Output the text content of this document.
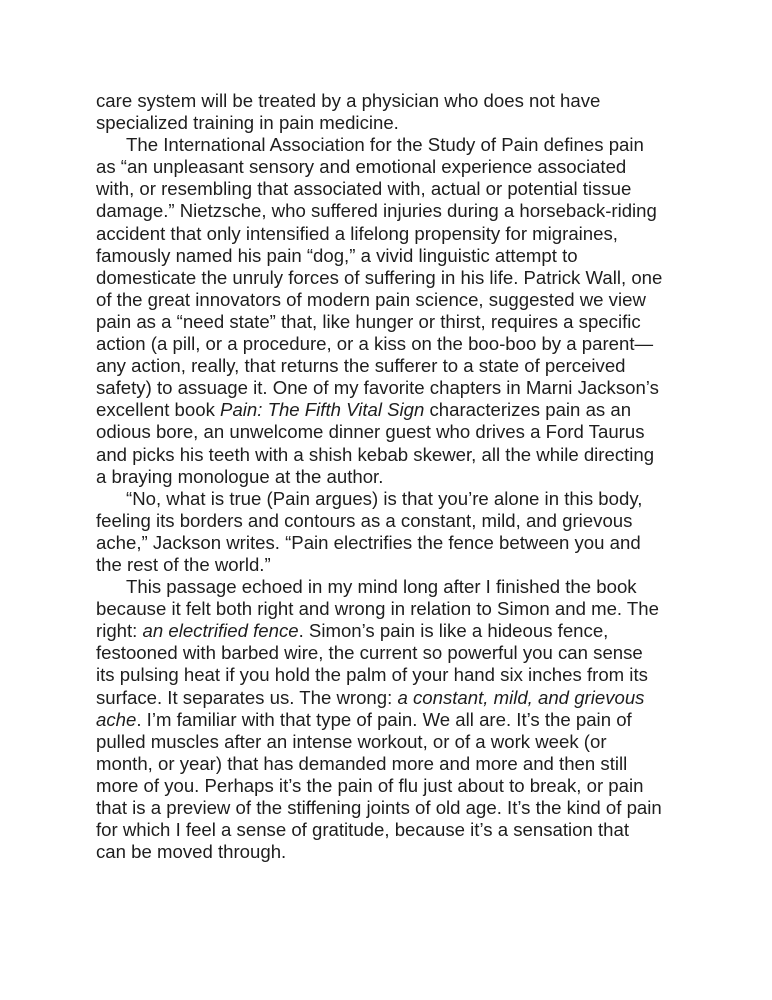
care system will be treated by a physician who does not have
specialized training in pain medicine.
The International Association for the Study of Pain defines pain
as “an unpleasant sensory and emotional experience associated
with, or resembling that associated with, actual or potential tissue
damage.” Nietzsche, who suffered injuries during a horseback-riding
accident that only intensified a lifelong propensity for migraines,
famously named his pain “dog,” a vivid linguistic attempt to
domesticate the unruly forces of suffering in his life. Patrick Wall, one
of the great innovators of modern pain science, suggested we view
pain as a “need state” that, like hunger or thirst, requires a specific
action (a pill, or a procedure, or a kiss on the boo-boo by a parent—
any action, really, that returns the sufferer to a state of perceived
safety) to assuage it. One of my favorite chapters in Marni Jackson’s
excellent book Pain: The Fifth Vital Sign characterizes pain as an
odious bore, an unwelcome dinner guest who drives a Ford Taurus
and picks his teeth with a shish kebab skewer, all the while directing
a braying monologue at the author.
“No, what is true (Pain argues) is that you’re alone in this body,
feeling its borders and contours as a constant, mild, and grievous
ache,” Jackson writes. “Pain electrifies the fence between you and
the rest of the world.”
This passage echoed in my mind long after I finished the book
because it felt both right and wrong in relation to Simon and me. The
right: an electrified fence. Simon’s pain is like a hideous fence,
festooned with barbed wire, the current so powerful you can sense
its pulsing heat if you hold the palm of your hand six inches from its
surface. It separates us. The wrong: a constant, mild, and grievous
ache. I’m familiar with that type of pain. We all are. It’s the pain of
pulled muscles after an intense workout, or of a work week (or
month, or year) that has demanded more and more and then still
more of you. Perhaps it’s the pain of flu just about to break, or pain
that is a preview of the stiffening joints of old age. It’s the kind of pain
for which I feel a sense of gratitude, because it’s a sensation that
can be moved through.
